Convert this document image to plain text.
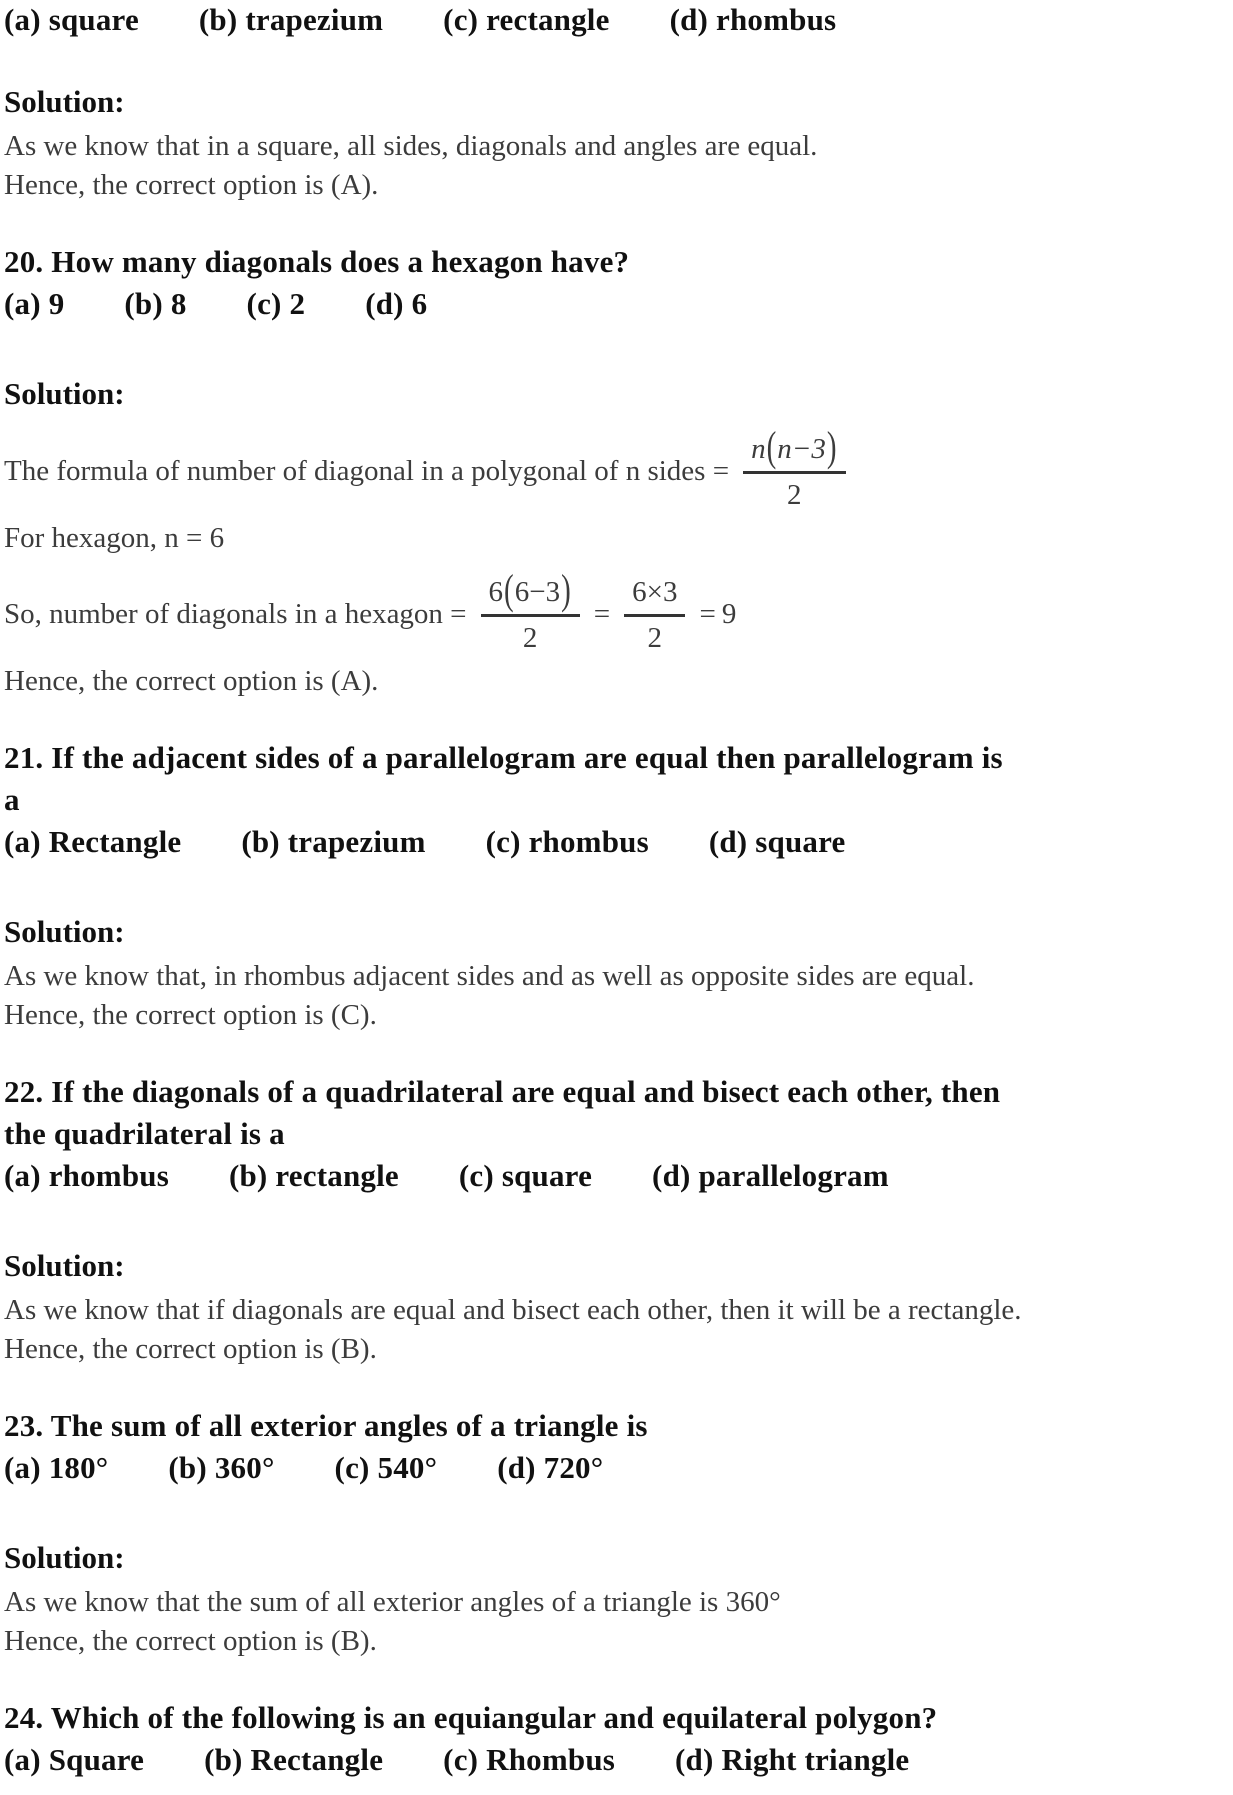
(a) square (b) trapezium (c) rectangle (d) rhombus
Solution:
As we know that in a square, all sides, diagonals and angles are equal.
Hence, the correct option is (A).
20. How many diagonals does a hexagon have?
(a) 9 (b) 8 (c) 2 (d) 6
Solution:
The formula of number of diagonal in a polygonal of n sides = $\frac{n(n-3)}{2}$
For hexagon, n = 6
So, number of diagonals in a hexagon = $\frac{6(6-3)}{2} = \frac{6\times 3}{2} = 9$
Hence, the correct option is (A).
21. If the adjacent sides of a parallelogram are equal then parallelogram is
a
(a) Rectangle (b) trapezium (c) rhombus (d) square
Solution:
As we know that, in rhombus adjacent sides and as well as opposite sides are equal.
Hence, the correct option is (C).
22. If the diagonals of a quadrilateral are equal and bisect each other, then
the quadrilateral is a
(a) rhombus (b) rectangle (c) square (d) parallelogram
Solution:
As we know that if diagonals are equal and bisect each other, then it will be a rectangle.
Hence, the correct option is (B).
23. The sum of all exterior angles of a triangle is
(a) 180° (b) 360° (c) 540° (d) 720°
Solution:
As we know that the sum of all exterior angles of a triangle is 360°
Hence, the correct option is (B).
24. Which of the following is an equiangular and equilateral polygon?
(a) Square (b) Rectangle (c) Rhombus (d) Right triangle
